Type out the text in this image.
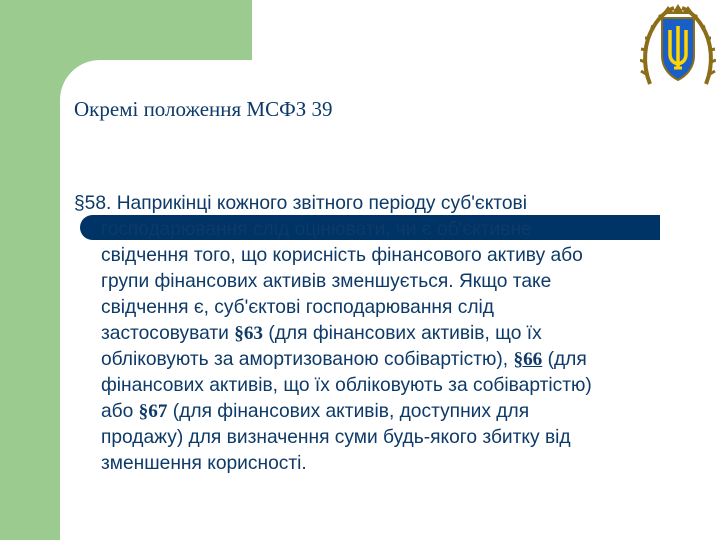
Окремі положення МСФЗ 39
§58. Наприкінці кожного звітного періоду суб'єктові
господарювання слід оцінювати, чи є об'єктивне
свідчення того, що корисність фінансового активу або
групи фінансових активів зменшується. Якщо таке
свідчення є, суб'єктові господарювання слід
застосовувати §63 (для фінансових активів, що їх
обліковують за амортизованою собівартістю), §66 (для
фінансових активів, що їх обліковують за собівартістю)
або §67 (для фінансових активів, доступних для
продажу) для визначення суми будь-якого збитку від
зменшення корисності.
